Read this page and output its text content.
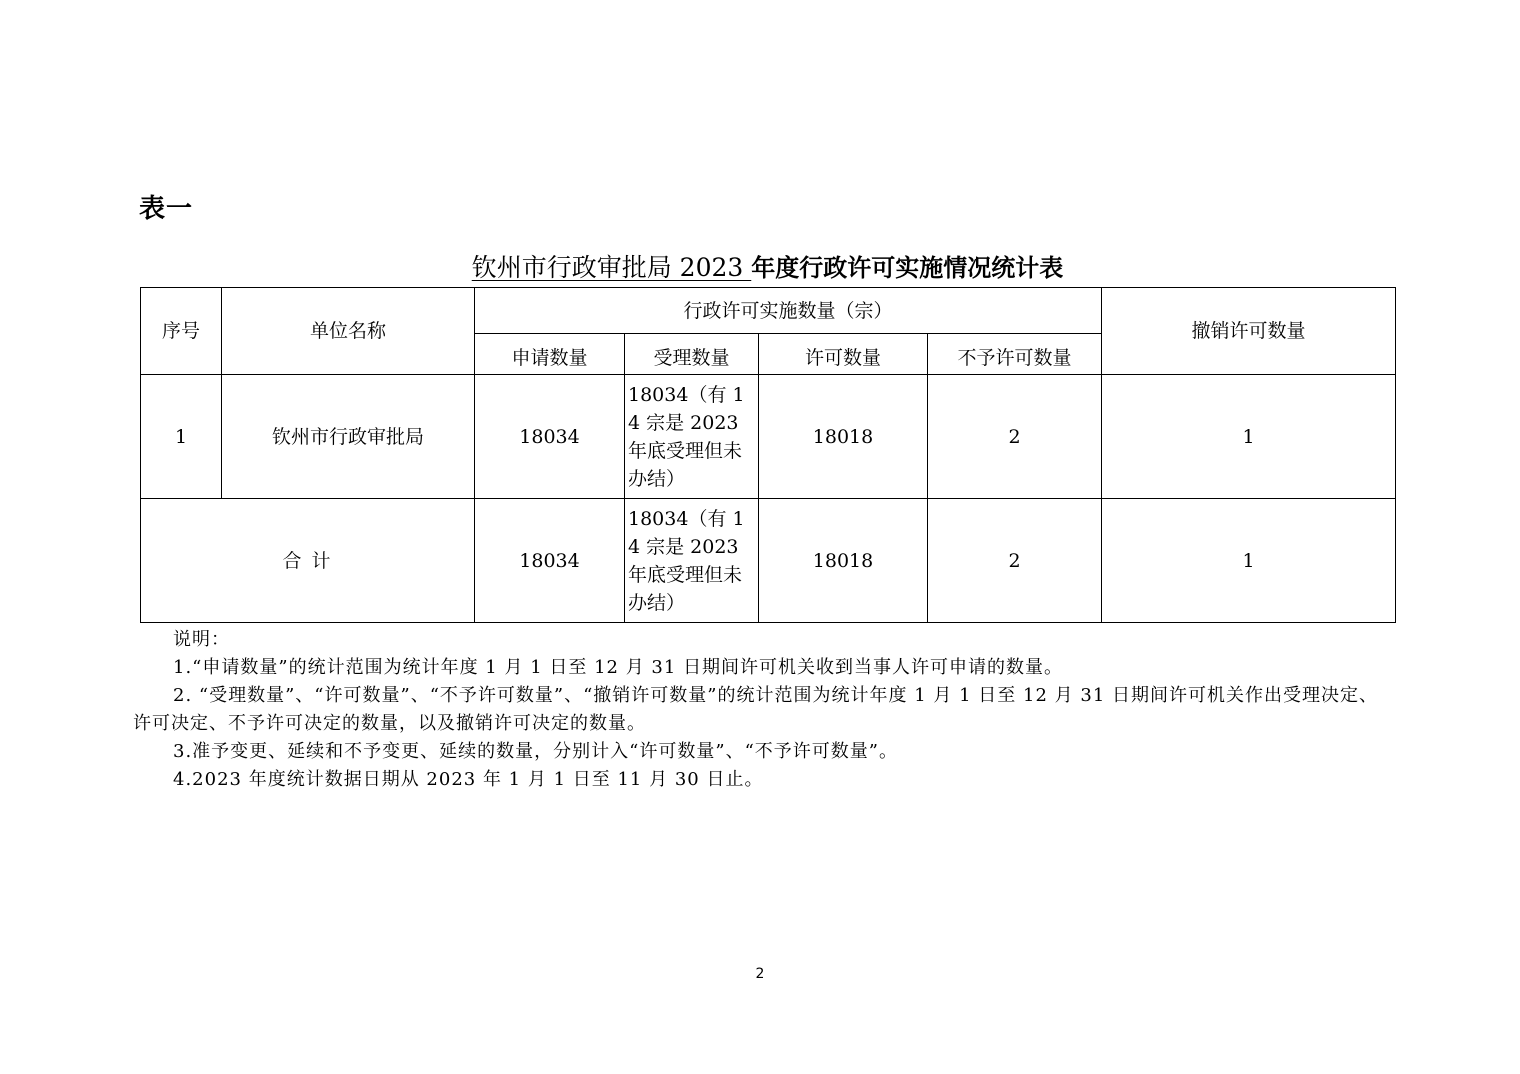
表一
钦州市行政审批局 2023 年度行政许可实施情况统计表
序号	单位名称	行政许可实施数量（宗）				撤销许可数量
		申请数量	受理数量	许可数量	不予许可数量	
1	钦州市行政审批局	18034	18034（有 14 宗是 2023 年底受理但未办结）	18018	2	1
合 计		18034	18034（有 14 宗是 2023 年底受理但未办结）	18018	2	1

说明：

1.“申请数量”的统计范围为统计年度 1 月 1 日至 12 月 31 日期间许可机关收到当事人许可申请的数量。

2. “受理数量”、“许可数量”、“不予许可数量”、“撤销许可数量”的统计范围为统计年度 1 月 1 日至 12 月 31 日期间许可机关作出受理决定、许可决定、不予许可决定的数量，以及撤销许可决定的数量。

3.准予变更、延续和不予变更、延续的数量，分别计入“许可数量”、“不予许可数量”。

4.2023 年度统计数据日期从 2023 年 1 月 1 日至 11 月 30 日止。

2
